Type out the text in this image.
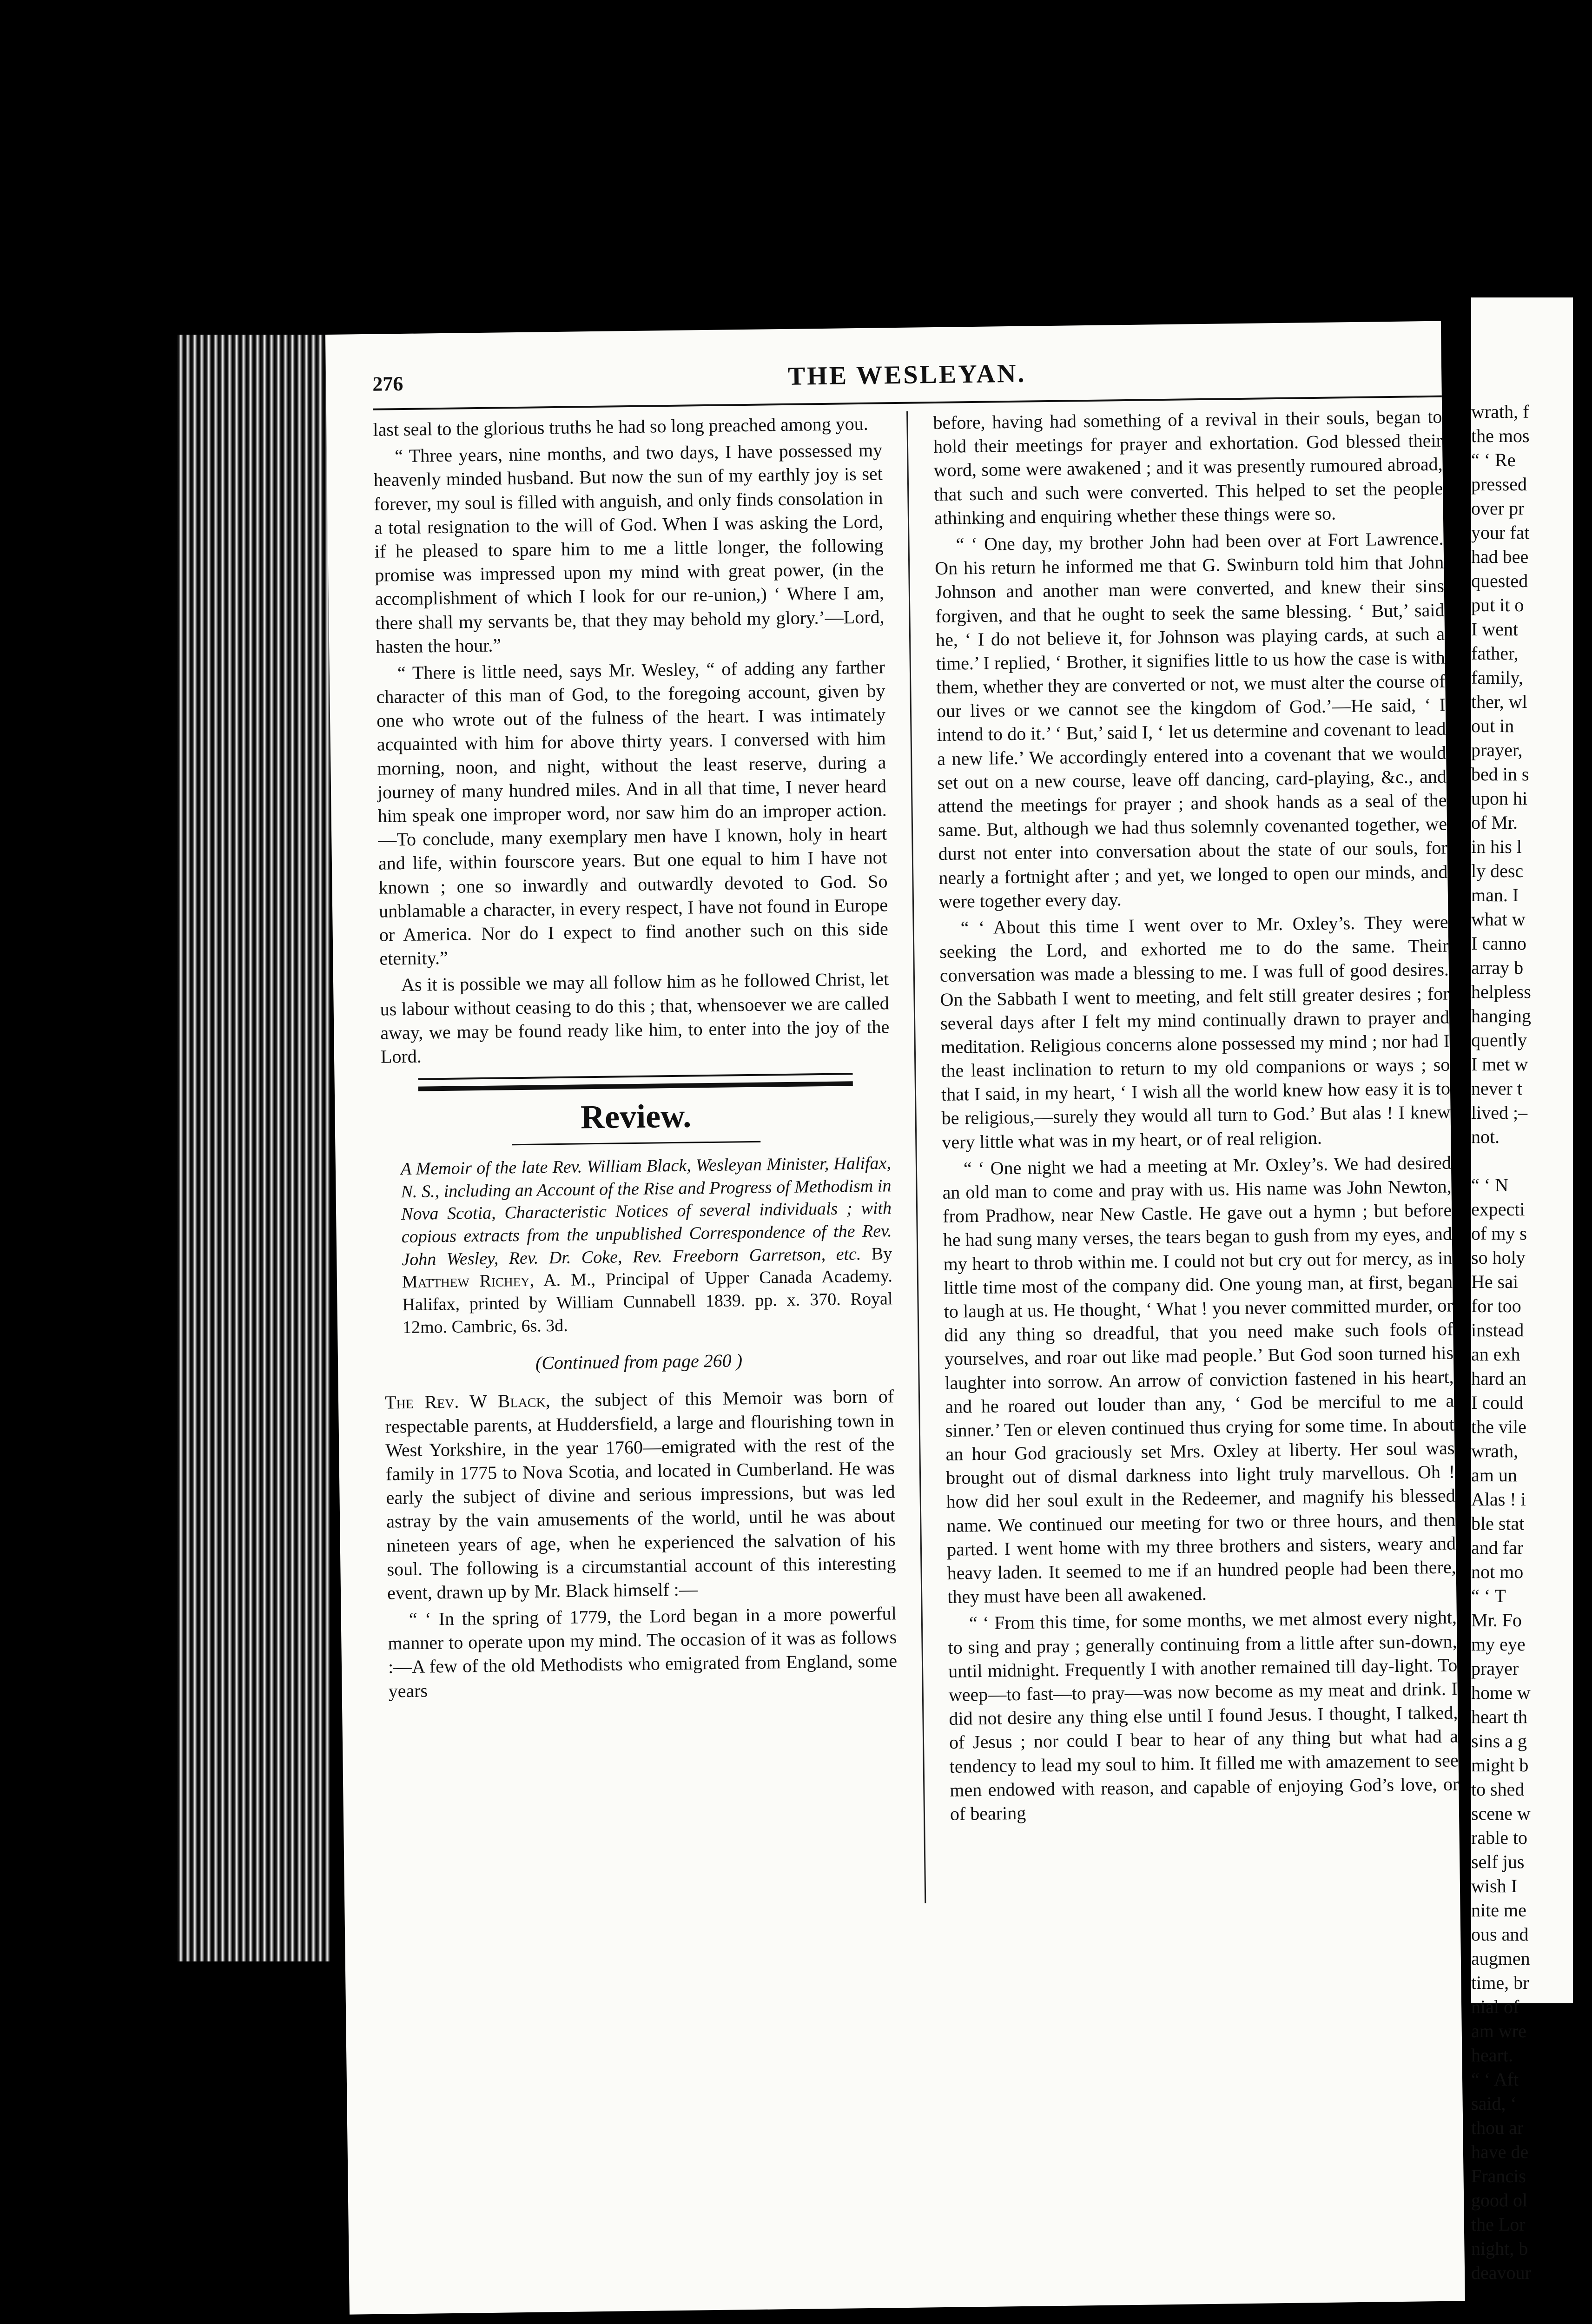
276	THE WESLEYAN.

last seal to the glorious truths he had so long preached among you.

“ Three years, nine months, and two days, I have possessed my heavenly minded husband. But now the sun of my earthly joy is set forever, my soul is filled with anguish, and only finds consolation in a total resignation to the will of God. When I was asking the Lord, if he pleased to spare him to me a little longer, the following promise was impressed upon my mind with great power, (in the accomplishment of which I look for our re-union,) ‘ Where I am, there shall my servants be, that they may behold my glory.’—Lord, hasten the hour.”

“ There is little need, says Mr. Wesley, “ of adding any farther character of this man of God, to the foregoing account, given by one who wrote out of the fulness of the heart. I was intimately acquainted with him for above thirty years. I conversed with him morning, noon, and night, without the least reserve, during a journey of many hundred miles. And in all that time, I never heard him speak one improper word, nor saw him do an improper action.—To conclude, many exemplary men have I known, holy in heart and life, within fourscore years. But one equal to him I have not known ; one so inwardly and outwardly devoted to God. So unblamable a character, in every respect, I have not found in Europe or America. Nor do I expect to find another such on this side eternity.”

As it is possible we may all follow him as he followed Christ, let us labour without ceasing to do this ; that, whensoever we are called away, we may be found ready like him, to enter into the joy of the Lord.

Review.

A Memoir of the late Rev. William Black, Wesleyan Minister, Halifax, N. S., including an Account of the Rise and Progress of Methodism in Nova Scotia, Characteristic Notices of several individuals ; with copious extracts from the unpublished Correspondence of the Rev. John Wesley, Rev. Dr. Coke, Rev. Freeborn Garretson, etc. By Matthew Richey, A. M., Principal of Upper Canada Academy. Halifax, printed by William Cunnabell 1839. pp. x. 370. Royal 12mo. Cambric, 6s. 3d.

(Continued from page 260 )

The Rev. W Black, the subject of this Memoir was born of respectable parents, at Huddersfield, a large and flourishing town in West Yorkshire, in the year 1760—emigrated with the rest of the family in 1775 to Nova Scotia, and located in Cumberland. He was early the subject of divine and serious impressions, but was led astray by the vain amusements of the world, until he was about nineteen years of age, when he experienced the salvation of his soul. The following is a circumstantial account of this interesting event, drawn up by Mr. Black himself :—

“ ‘ In the spring of 1779, the Lord began in a more powerful manner to operate upon my mind. The occasion of it was as follows :—A few of the old Methodists who emigrated from England, some years

before, having had something of a revival in their souls, began to hold their meetings for prayer and exhortation. God blessed their word, some were awakened ; and it was presently rumoured abroad, that such and such were converted. This helped to set the people athinking and enquiring whether these things were so.

“ ‘ One day, my brother John had been over at Fort Lawrence. On his return he informed me that G. Swinburn told him that John Johnson and another man were converted, and knew their sins forgiven, and that he ought to seek the same blessing. ‘ But,’ said he, ‘ I do not believe it, for Johnson was playing cards, at such a time.’ I replied, ‘ Brother, it signifies little to us how the case is with them, whether they are converted or not, we must alter the course of our lives or we cannot see the kingdom of God.’—He said, ‘ I intend to do it.’ ‘ But,’ said I, ‘ let us determine and covenant to lead a new life.’ We accordingly entered into a covenant that we would set out on a new course, leave off dancing, card-playing, &c., and attend the meetings for prayer ; and shook hands as a seal of the same. But, although we had thus solemnly covenanted together, we durst not enter into conversation about the state of our souls, for nearly a fortnight after ; and yet, we longed to open our minds, and were together every day.

“ ‘ About this time I went over to Mr. Oxley’s. They were seeking the Lord, and exhorted me to do the same. Their conversation was made a blessing to me. I was full of good desires. On the Sabbath I went to meeting, and felt still greater desires ; for several days after I felt my mind continually drawn to prayer and meditation. Religious concerns alone possessed my mind ; nor had I the least inclination to return to my old companions or ways ; so that I said, in my heart, ‘ I wish all the world knew how easy it is to be religious,—surely they would all turn to God.’ But alas ! I knew very little what was in my heart, or of real religion.

“ ‘ One night we had a meeting at Mr. Oxley’s. We had desired an old man to come and pray with us. His name was John Newton, from Pradhow, near New Castle. He gave out a hymn ; but before he had sung many verses, the tears began to gush from my eyes, and my heart to throb within me. I could not but cry out for mercy, as in little time most of the company did. One young man, at first, began to laugh at us. He thought, ‘ What ! you never committed murder, or did any thing so dreadful, that you need make such fools of yourselves, and roar out like mad people.’ But God soon turned his laughter into sorrow. An arrow of conviction fastened in his heart, and he roared out louder than any, ‘ God be merciful to me a sinner.’ Ten or eleven continued thus crying for some time. In about an hour God graciously set Mrs. Oxley at liberty. Her soul was brought out of dismal darkness into light truly marvellous. Oh ! how did her soul exult in the Redeemer, and magnify his blessed name. We continued our meeting for two or three hours, and then parted. I went home with my three brothers and sisters, weary and heavy laden. It seemed to me if an hundred people had been there, they must have been all awakened.

“ ‘ From this time, for some months, we met almost every night, to sing and pray ; generally continuing from a little after sun-down, until midnight. Frequently I with another remained till day-light. To weep—to fast—to pray—was now become as my meat and drink. I did not desire any thing else until I found Jesus. I thought, I talked, of Jesus ; nor could I bear to hear of any thing but what had a tendency to lead my soul to him. It filled me with amazement to see men endowed with reason, and capable of enjoying God’s love, or of bearing

wrath, f
the mos
“ ‘ Re
pressed
over pr
your fat
had bee
quested
put it o
I went
father,
family,
ther, wl
out in
prayer,
bed in s
upon hi
of Mr.
in his l
ly desc
man. I
what w
I canno
array b
helpless
hanging
quently
I met w
never t
lived ;–
not.

“ ‘ N
expecti
of my s
so holy
He sai
for too
instead
an exh
hard an
I could
the vile
wrath,
am un
Alas ! i
ble stat
and far
not mo
“ ‘ T
Mr. Fo
my eye
prayer
home w
heart th
sins a g
might b
to shed
scene w
rable to
self jus
wish I
nite me
ous and
augmen
time, br
nial of
am wre
heart.
“ ‘ Aft
said, ‘
thou ar
have de
Francis
good ol
the Lor
night, b
deavour
